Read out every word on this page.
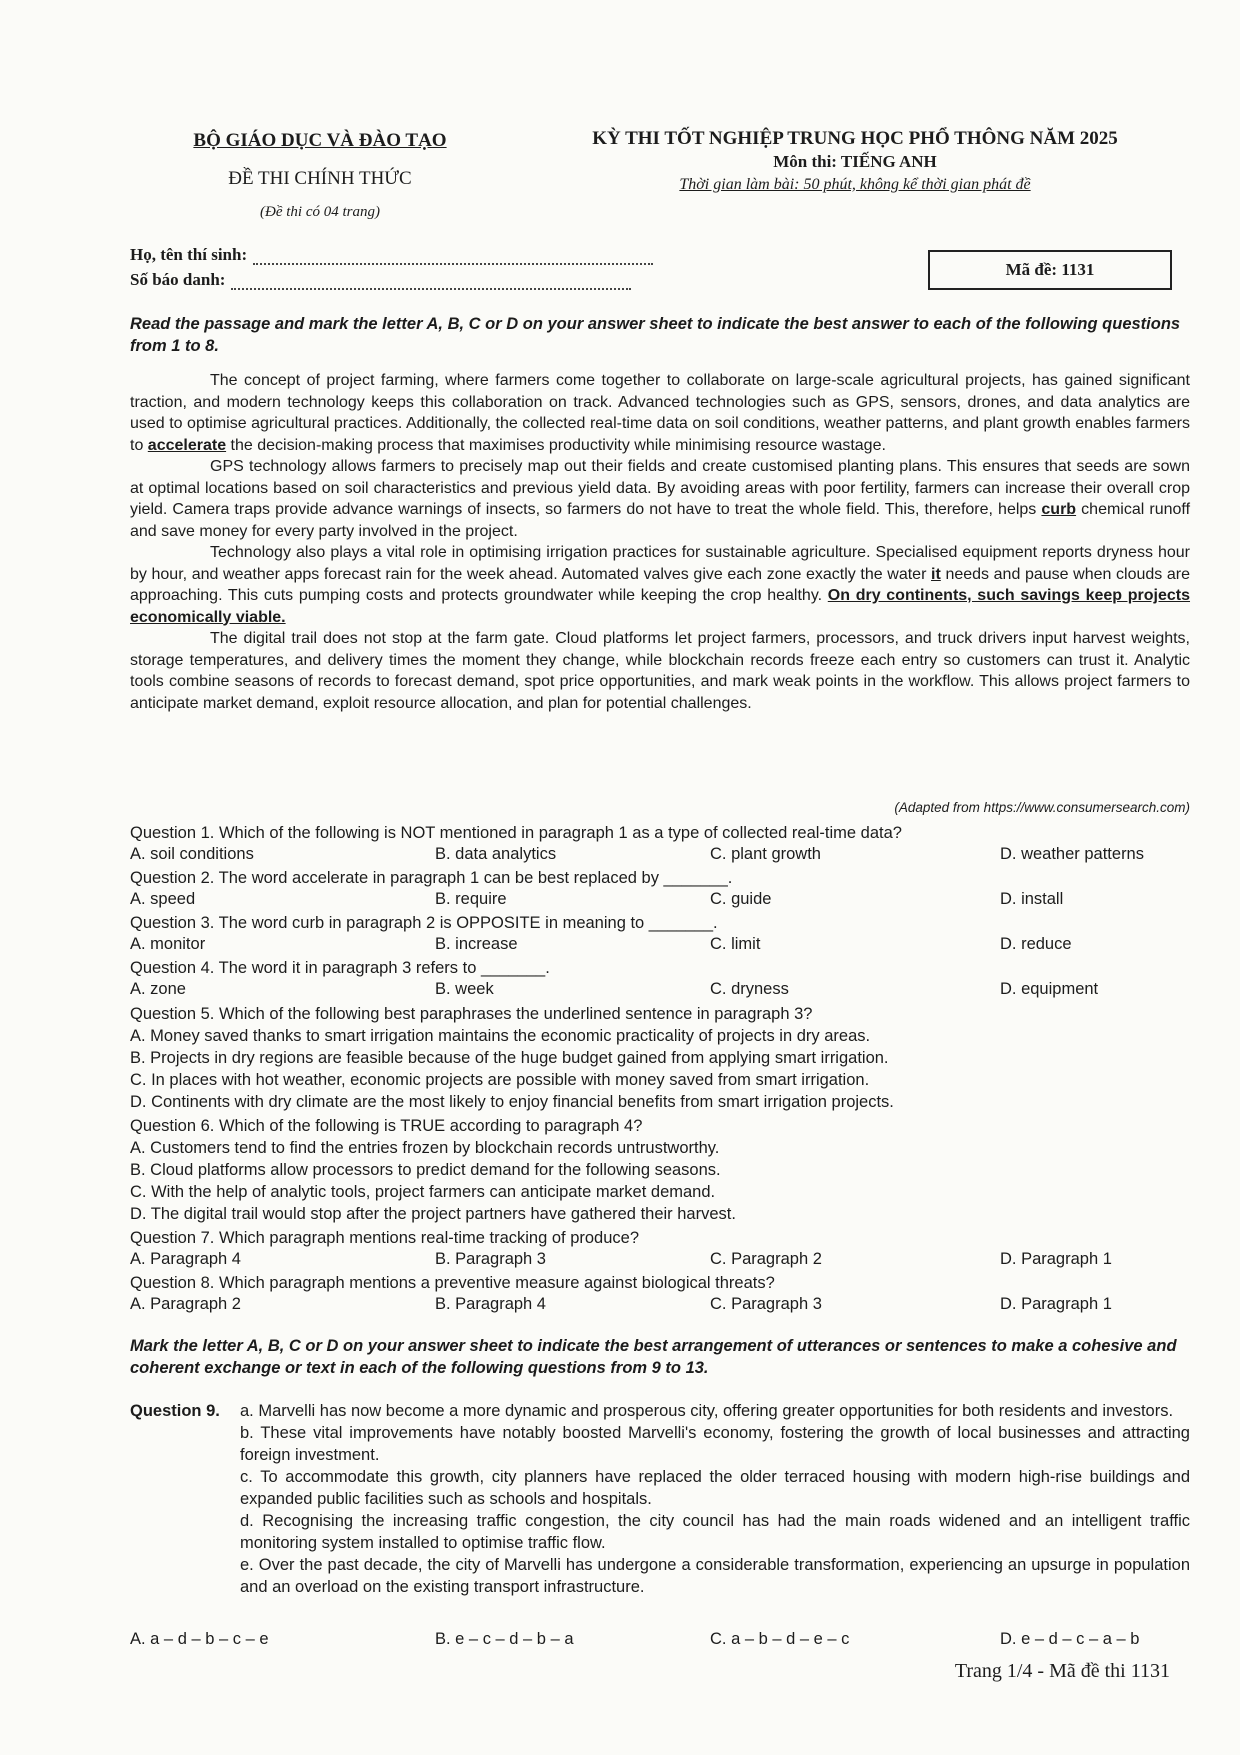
BỘ GIÁO DỤC VÀ ĐÀO TẠO
ĐỀ THI CHÍNH THỨC
(Đề thi có 04 trang)
KỲ THI TỐT NGHIỆP TRUNG HỌC PHỔ THÔNG NĂM 2025
Môn thi: TIẾNG ANH
Thời gian làm bài: 50 phút, không kể thời gian phát đề
Họ, tên thí sinh:
Số báo danh:
Mã đề: 1131
Read the passage and mark the letter A, B, C or D on your answer sheet to indicate the best answer to each of the following questions from 1 to 8.

The concept of project farming, where farmers come together to collaborate on large-scale agricultural projects, has gained significant traction, and modern technology keeps this collaboration on track. Advanced technologies such as GPS, sensors, drones, and data analytics are used to optimise agricultural practices. Additionally, the collected real-time data on soil conditions, weather patterns, and plant growth enables farmers to accelerate the decision-making process that maximises productivity while minimising resource wastage.

GPS technology allows farmers to precisely map out their fields and create customised planting plans. This ensures that seeds are sown at optimal locations based on soil characteristics and previous yield data. By avoiding areas with poor fertility, farmers can increase their overall crop yield. Camera traps provide advance warnings of insects, so farmers do not have to treat the whole field. This, therefore, helps curb chemical runoff and save money for every party involved in the project.

Technology also plays a vital role in optimising irrigation practices for sustainable agriculture. Specialised equipment reports dryness hour by hour, and weather apps forecast rain for the week ahead. Automated valves give each zone exactly the water it needs and pause when clouds are approaching. This cuts pumping costs and protects groundwater while keeping the crop healthy. On dry continents, such savings keep projects economically viable.

The digital trail does not stop at the farm gate. Cloud platforms let project farmers, processors, and truck drivers input harvest weights, storage temperatures, and delivery times the moment they change, while blockchain records freeze each entry so customers can trust it. Analytic tools combine seasons of records to forecast demand, spot price opportunities, and mark weak points in the workflow. This allows project farmers to anticipate market demand, exploit resource allocation, and plan for potential challenges.

(Adapted from https://www.consumersearch.com)
Question 1. Which of the following is NOT mentioned in paragraph 1 as a type of collected real-time data?
A. soil conditions	B. data analytics	C. plant growth	D. weather patterns
Question 2. The word accelerate in paragraph 1 can be best replaced by _______.
A. speed	B. require	C. guide	D. install
Question 3. The word curb in paragraph 2 is OPPOSITE in meaning to _______.
A. monitor	B. increase	C. limit	D. reduce
Question 4. The word it in paragraph 3 refers to _______.
A. zone	B. week	C. dryness	D. equipment
Question 5. Which of the following best paraphrases the underlined sentence in paragraph 3?
A. Money saved thanks to smart irrigation maintains the economic practicality of projects in dry areas.
B. Projects in dry regions are feasible because of the huge budget gained from applying smart irrigation.
C. In places with hot weather, economic projects are possible with money saved from smart irrigation.
D. Continents with dry climate are the most likely to enjoy financial benefits from smart irrigation projects.
Question 6. Which of the following is TRUE according to paragraph 4?
A. Customers tend to find the entries frozen by blockchain records untrustworthy.
B. Cloud platforms allow processors to predict demand for the following seasons.
C. With the help of analytic tools, project farmers can anticipate market demand.
D. The digital trail would stop after the project partners have gathered their harvest.
Question 7. Which paragraph mentions real-time tracking of produce?
A. Paragraph 4	B. Paragraph 3	C. Paragraph 2	D. Paragraph 1
Question 8. Which paragraph mentions a preventive measure against biological threats?
A. Paragraph 2	B. Paragraph 4	C. Paragraph 3	D. Paragraph 1
Mark the letter A, B, C or D on your answer sheet to indicate the best arrangement of utterances or sentences to make a cohesive and coherent exchange or text in each of the following questions from 9 to 13.
Question 9.	a. Marvelli has now become a more dynamic and prosperous city, offering greater opportunities for both residents and investors.
b. These vital improvements have notably boosted Marvelli's economy, fostering the growth of local businesses and attracting foreign investment.
c. To accommodate this growth, city planners have replaced the older terraced housing with modern high-rise buildings and expanded public facilities such as schools and hospitals.
d. Recognising the increasing traffic congestion, the city council has had the main roads widened and an intelligent traffic monitoring system installed to optimise traffic flow.
e. Over the past decade, the city of Marvelli has undergone a considerable transformation, experiencing an upsurge in population and an overload on the existing transport infrastructure.
A. a – d – b – c – e	B. e – c – d – b – a	C. a – b – d – e – c	D. e – d – c – a – b
Trang 1/4 - Mã đề thi 1131
